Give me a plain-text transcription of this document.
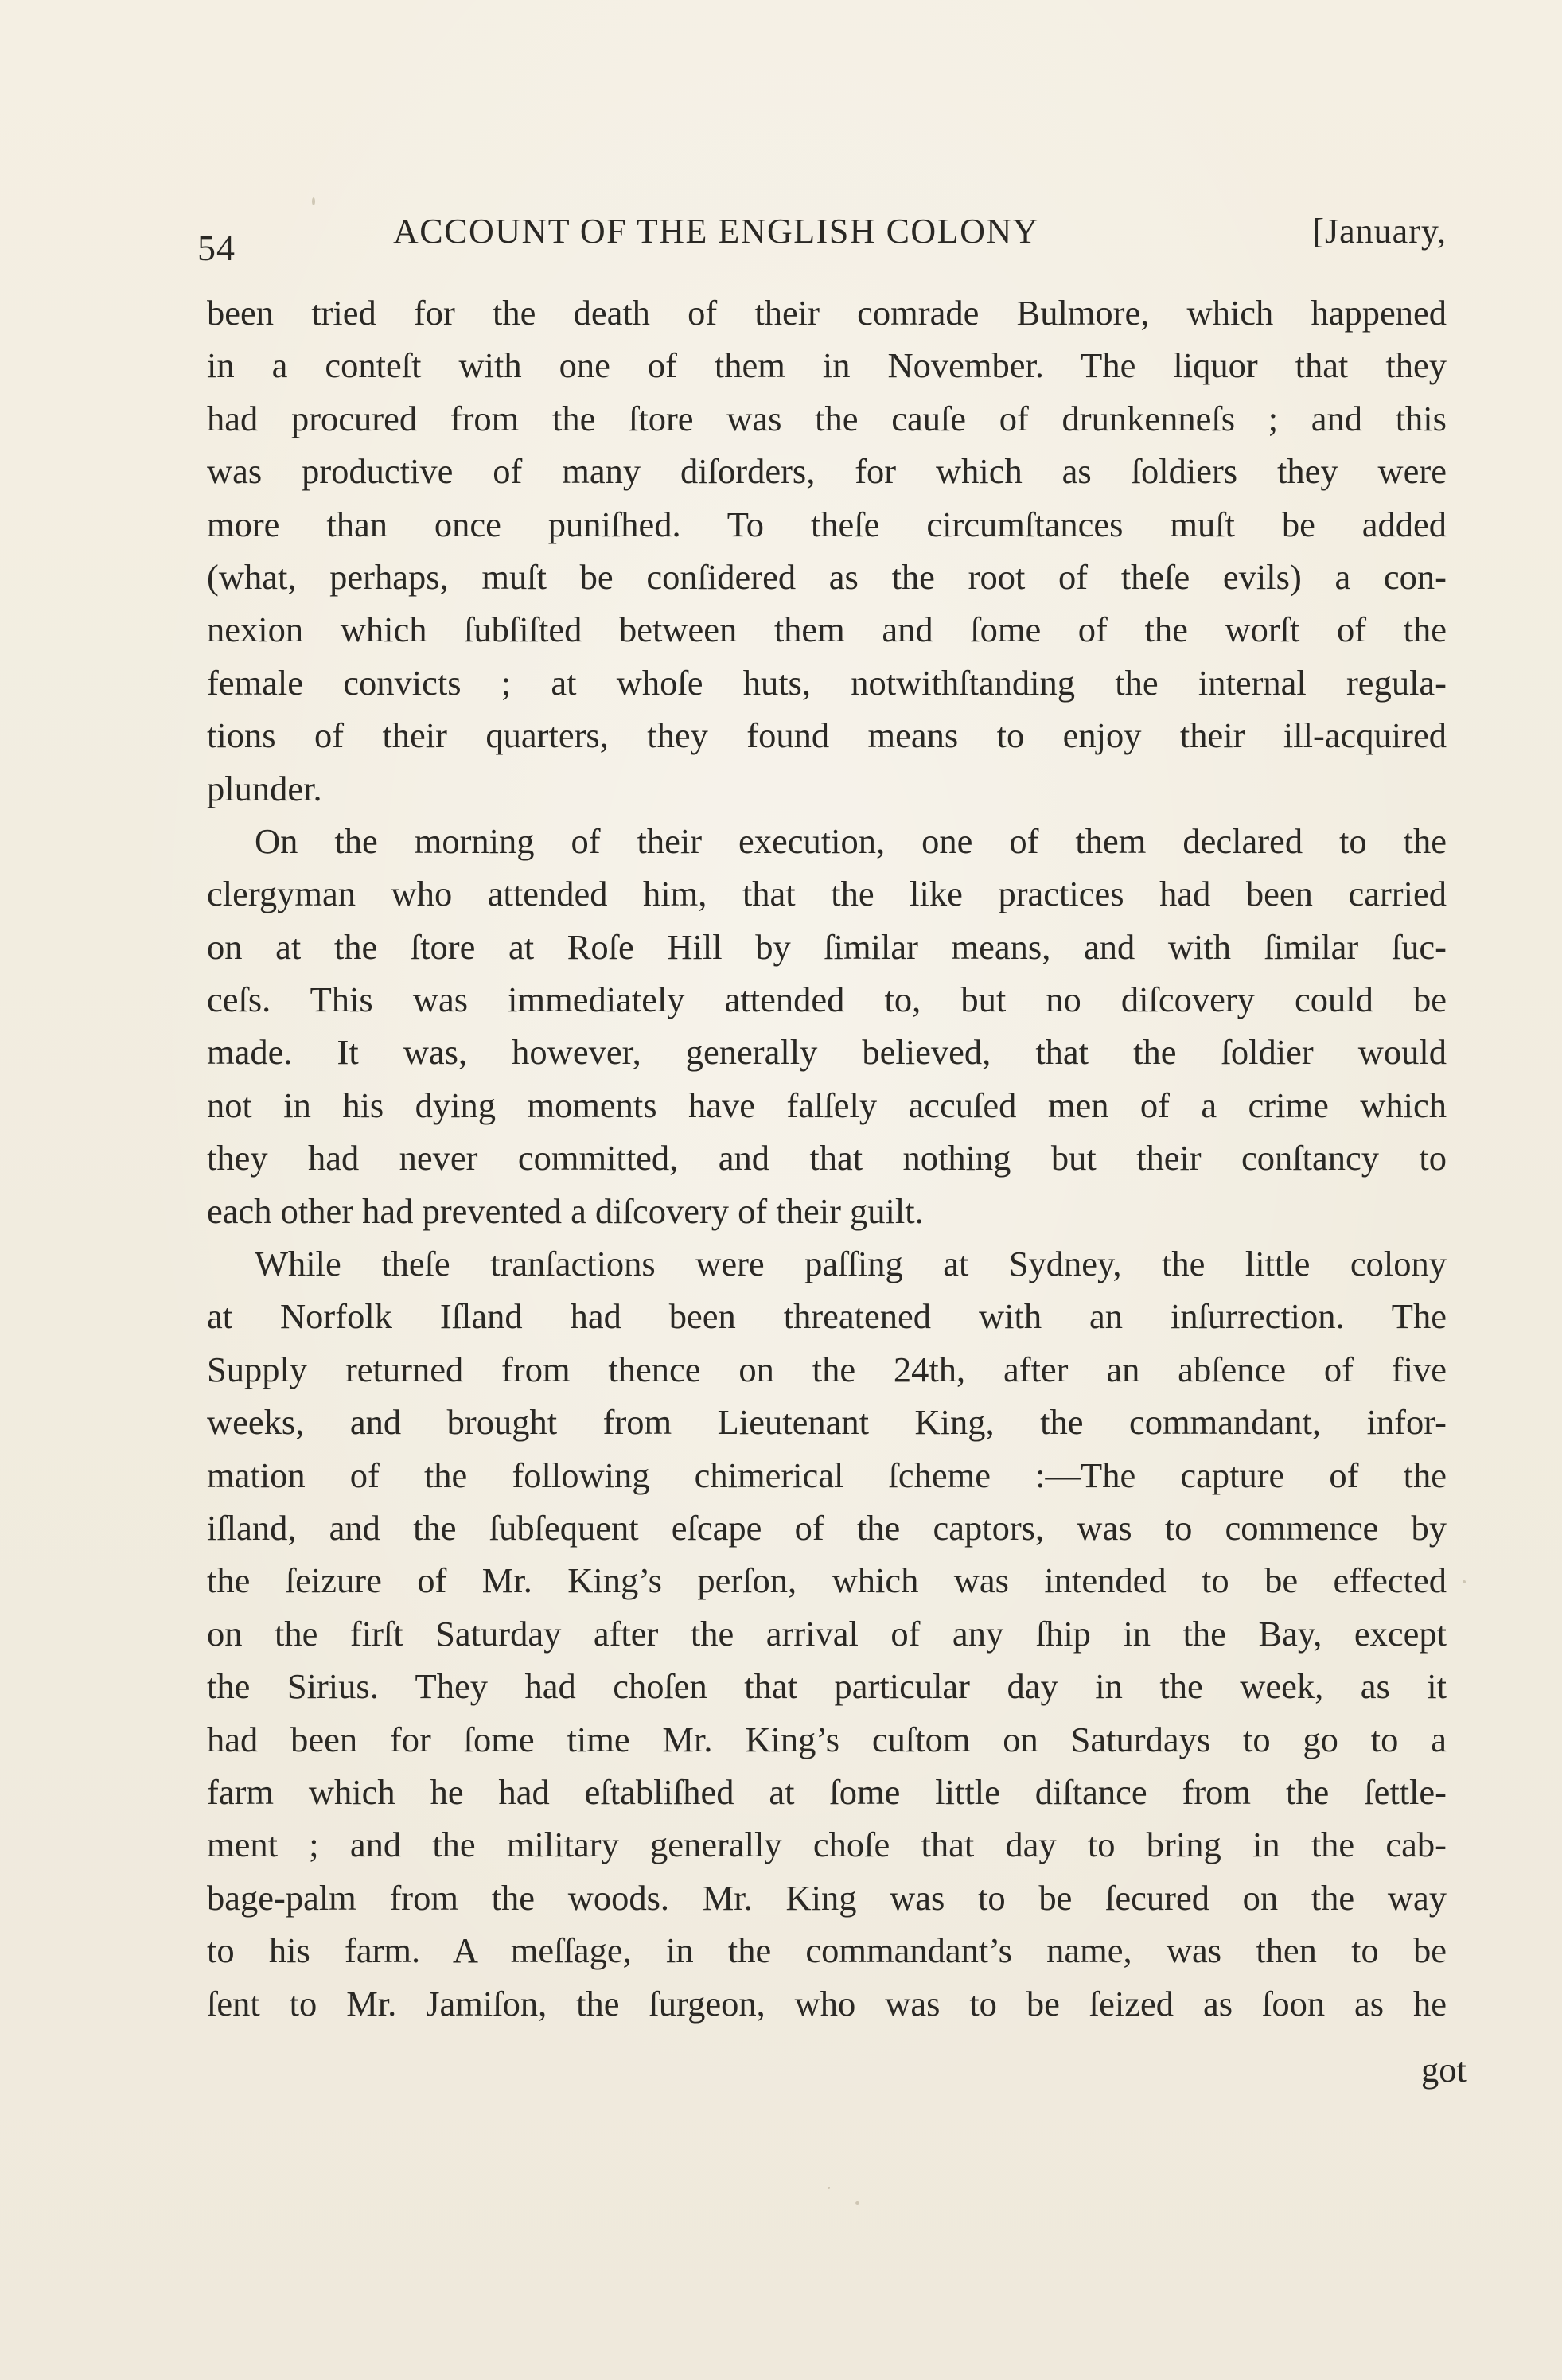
54	ACCOUNT OF THE ENGLISH COLONY	[January,
been tried for the death of their comrade Bulmore, which happened
in a conteſt with one of them in November. The liquor that they
had procured from the ſtore was the cauſe of drunkenneſs ; and this
was productive of many diſorders, for which as ſoldiers they were
more than once puniſhed. To theſe circumſtances muſt be added
(what, perhaps, muſt be conſidered as the root of theſe evils) a con-
nexion which ſubſiſted between them and ſome of the worſt of the
female convicts ; at whoſe huts, notwithſtanding the internal regula-
tions of their quarters, they found means to enjoy their ill-acquired
plunder.
On the morning of their execution, one of them declared to the
clergyman who attended him, that the like practices had been carried
on at the ſtore at Roſe Hill by ſimilar means, and with ſimilar ſuc-
ceſs. This was immediately attended to, but no diſcovery could be
made. It was, however, generally believed, that the ſoldier would
not in his dying moments have falſely accuſed men of a crime which
they had never committed, and that nothing but their conſtancy to
each other had prevented a diſcovery of their guilt.
While theſe tranſactions were paſſing at Sydney, the little colony
at Norfolk Iſland had been threatened with an inſurrection. The
Supply returned from thence on the 24th, after an abſence of five
weeks, and brought from Lieutenant King, the commandant, infor-
mation of the following chimerical ſcheme :—The capture of the
iſland, and the ſubſequent eſcape of the captors, was to commence by
the ſeizure of Mr. King’s perſon, which was intended to be effected
on the firſt Saturday after the arrival of any ſhip in the Bay, except
the Sirius. They had choſen that particular day in the week, as it
had been for ſome time Mr. King’s cuſtom on Saturdays to go to a
farm which he had eſtabliſhed at ſome little diſtance from the ſettle-
ment ; and the military generally choſe that day to bring in the cab-
bage-palm from the woods. Mr. King was to be ſecured on the way
to his farm. A meſſage, in the commandant’s name, was then to be
ſent to Mr. Jamiſon, the ſurgeon, who was to be ſeized as ſoon as he
got
